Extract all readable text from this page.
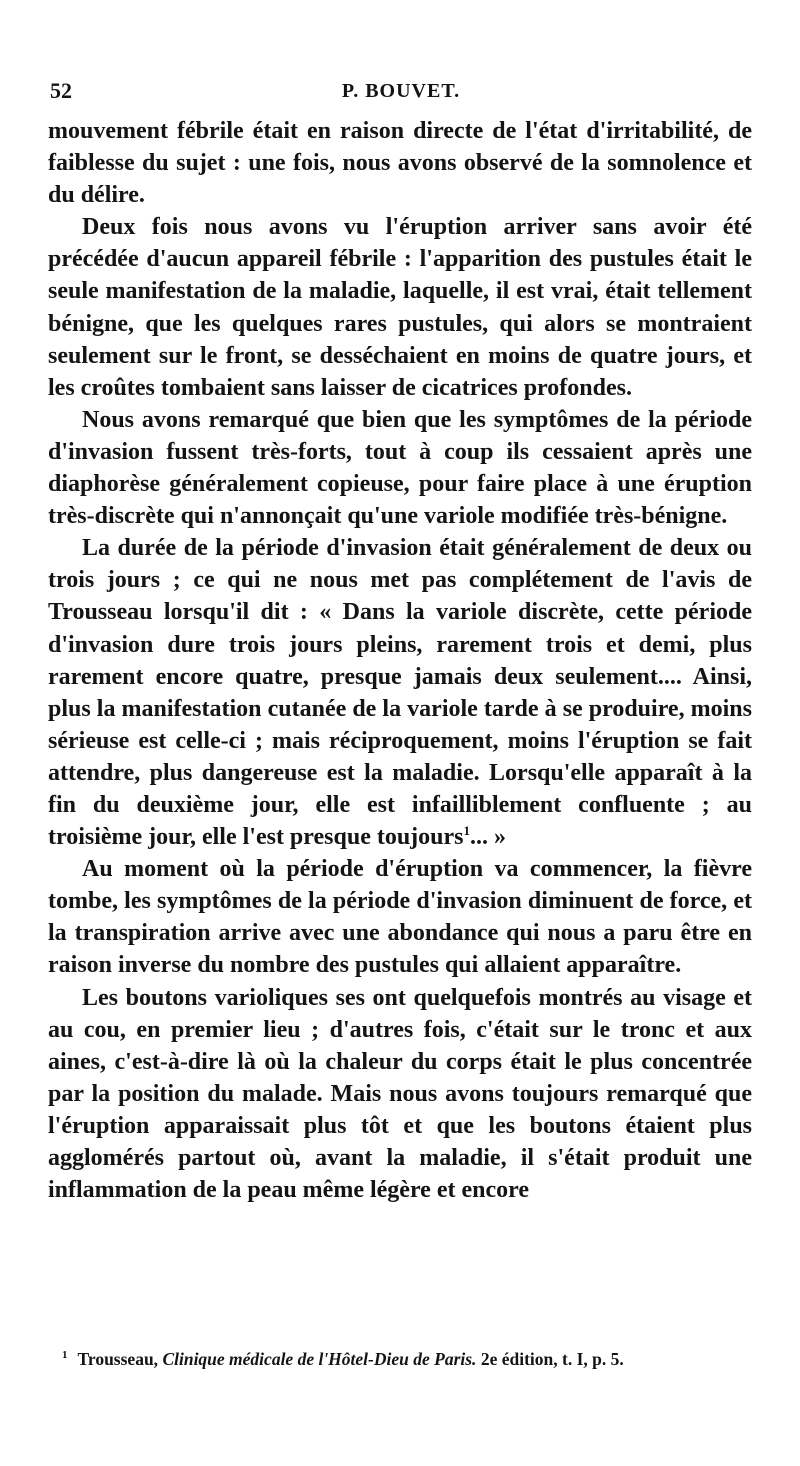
52	P. BOUVET.

mouvement fébrile était en raison directe de l'état d'irritabilité, de faiblesse du sujet : une fois, nous avons observé de la somnolence et du délire.

Deux fois nous avons vu l'éruption arriver sans avoir été précédée d'aucun appareil fébrile : l'apparition des pustules était le seule manifestation de la maladie, laquelle, il est vrai, était tellement bénigne, que les quelques rares pustules, qui alors se montraient seulement sur le front, se desséchaient en moins de quatre jours, et les croûtes tombaient sans laisser de cicatrices profondes.

Nous avons remarqué que bien que les symptômes de la période d'invasion fussent très-forts, tout à coup ils cessaient après une diaphorèse généralement copieuse, pour faire place à une éruption très-discrète qui n'annonçait qu'une variole modifiée très-bénigne.

La durée de la période d'invasion était généralement de deux ou trois jours ; ce qui ne nous met pas complétement de l'avis de Trousseau lorsqu'il dit : « Dans la variole discrète, cette période d'invasion dure trois jours pleins, rarement trois et demi, plus rarement encore quatre, presque jamais deux seulement.... Ainsi, plus la manifestation cutanée de la variole tarde à se produire, moins sérieuse est celle-ci ; mais réciproquement, moins l'éruption se fait attendre, plus dangereuse est la maladie. Lorsqu'elle apparaît à la fin du deuxième jour, elle est infailliblement confluente ; au troisième jour, elle l'est presque toujours$^1$... »

Au moment où la période d'éruption va commencer, la fièvre tombe, les symptômes de la période d'invasion diminuent de force, et la transpiration arrive avec une abondance qui nous a paru être en raison inverse du nombre des pustules qui allaient apparaître.

Les boutons varioliques ses ont quelquefois montrés au visage et au cou, en premier lieu ; d'autres fois, c'était sur le tronc et aux aines, c'est-à-dire là où la chaleur du corps était le plus concentrée par la position du malade. Mais nous avons toujours remarqué que l'éruption apparaissait plus tôt et que les boutons étaient plus agglomérés partout où, avant la maladie, il s'était produit une inflammation de la peau même légère et encore

$^1$ Trousseau, Clinique médicale de l'Hôtel-Dieu de Paris. 2e édition, t. I, p. 5.
